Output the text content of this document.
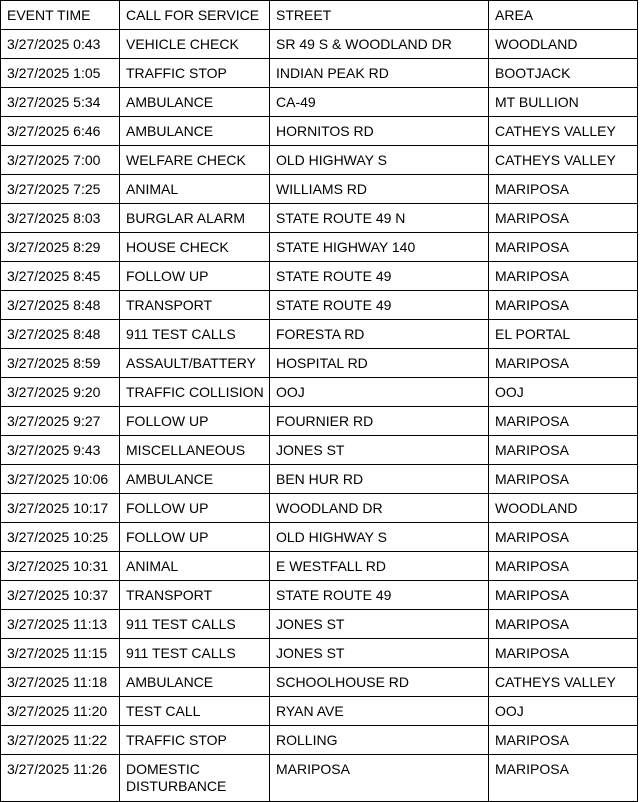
EVENT TIME	CALL FOR SERVICE	STREET	AREA
3/27/2025 0:43	VEHICLE CHECK	SR 49 S & WOODLAND DR	WOODLAND
3/27/2025 1:05	TRAFFIC STOP	INDIAN PEAK RD	BOOTJACK
3/27/2025 5:34	AMBULANCE	CA-49	MT BULLION
3/27/2025 6:46	AMBULANCE	HORNITOS RD	CATHEYS VALLEY
3/27/2025 7:00	WELFARE CHECK	OLD HIGHWAY S	CATHEYS VALLEY
3/27/2025 7:25	ANIMAL	WILLIAMS RD	MARIPOSA
3/27/2025 8:03	BURGLAR ALARM	STATE ROUTE 49 N	MARIPOSA
3/27/2025 8:29	HOUSE CHECK	STATE HIGHWAY 140	MARIPOSA
3/27/2025 8:45	FOLLOW UP	STATE ROUTE 49	MARIPOSA
3/27/2025 8:48	TRANSPORT	STATE ROUTE 49	MARIPOSA
3/27/2025 8:48	911 TEST CALLS	FORESTA RD	EL PORTAL
3/27/2025 8:59	ASSAULT/BATTERY	HOSPITAL RD	MARIPOSA
3/27/2025 9:20	TRAFFIC COLLISION	OOJ	OOJ
3/27/2025 9:27	FOLLOW UP	FOURNIER RD	MARIPOSA
3/27/2025 9:43	MISCELLANEOUS	JONES ST	MARIPOSA
3/27/2025 10:06	AMBULANCE	BEN HUR RD	MARIPOSA
3/27/2025 10:17	FOLLOW UP	WOODLAND DR	WOODLAND
3/27/2025 10:25	FOLLOW UP	OLD HIGHWAY S	MARIPOSA
3/27/2025 10:31	ANIMAL	E WESTFALL RD	MARIPOSA
3/27/2025 10:37	TRANSPORT	STATE ROUTE 49	MARIPOSA
3/27/2025 11:13	911 TEST CALLS	JONES ST	MARIPOSA
3/27/2025 11:15	911 TEST CALLS	JONES ST	MARIPOSA
3/27/2025 11:18	AMBULANCE	SCHOOLHOUSE RD	CATHEYS VALLEY
3/27/2025 11:20	TEST CALL	RYAN AVE	OOJ
3/27/2025 11:22	TRAFFIC STOP	ROLLING	MARIPOSA
3/27/2025 11:26	DOMESTIC DISTURBANCE	MARIPOSA	MARIPOSA
